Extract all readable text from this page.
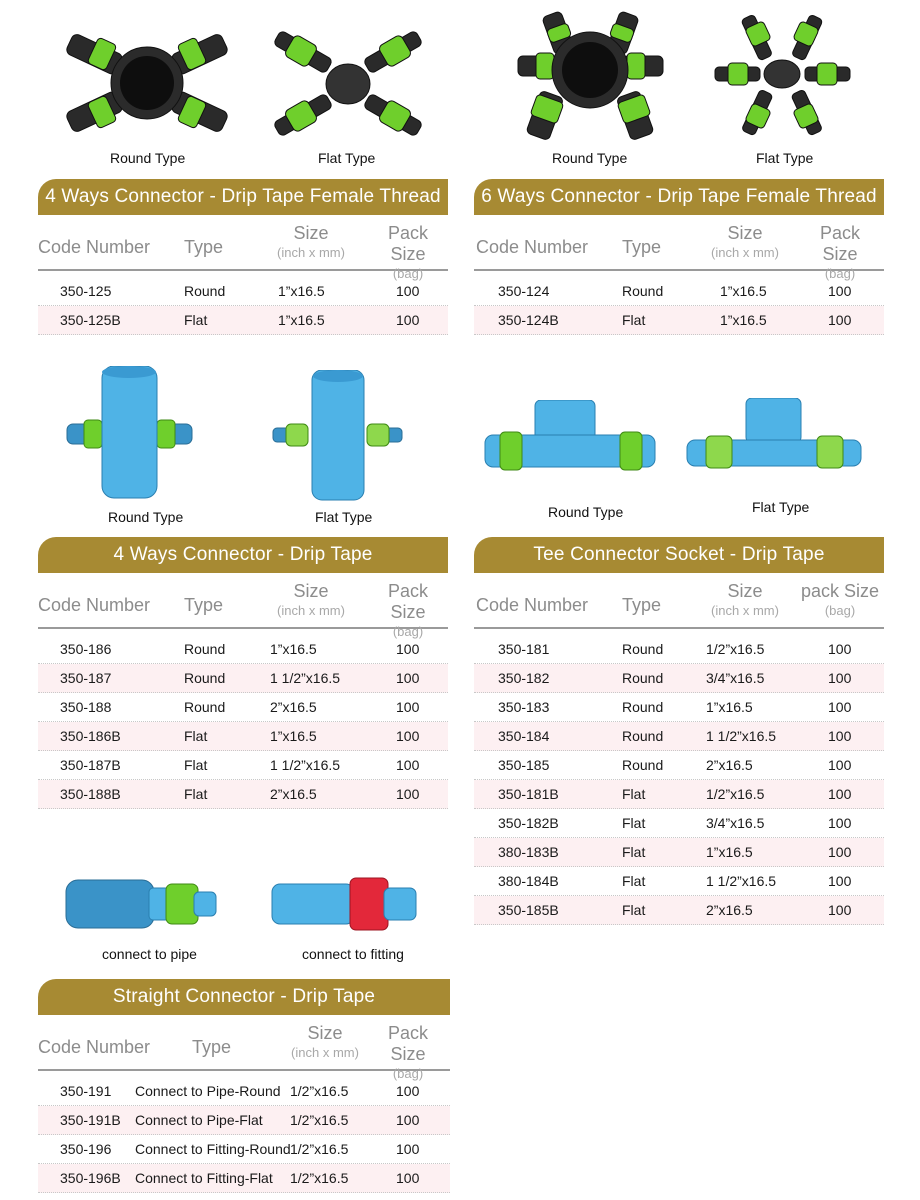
Round Type	Flat Type	Round Type	Flat Type
4 Ways Connector - Drip Tape Female Thread
Code Number Type
Size
(inch x mm)
Pack Size
(bag)
350-125	Round	1”x16.5	100
350-125B	Flat	1”x16.5	100
6 Ways Connector - Drip Tape Female Thread
Code Number Type
Size
(inch x mm)
Pack Size
(bag)
350-124	Round	1”x16.5	100
350-124B	Flat	1”x16.5	100
Round Type	Flat Type	Round Type	Flat Type
4 Ways Connector - Drip Tape
Code Number Type
Size
(inch x mm)
Pack Size
(bag)
350-186	Round	1”x16.5	100
350-187	Round	1 1/2”x16.5	100
350-188	Round	2”x16.5	100
350-186B	Flat	1”x16.5	100
350-187B	Flat	1 1/2”x16.5	100
350-188B	Flat	2”x16.5	100
Tee Connector Socket - Drip Tape
Code Number Type
Size
(inch x mm)
pack Size
(bag)
350-181	Round	1/2”x16.5	100
350-182	Round	3/4”x16.5	100
350-183	Round	1”x16.5	100
350-184	Round	1 1/2”x16.5	100
350-185	Round	2”x16.5	100
350-181B	Flat	1/2”x16.5	100
350-182B	Flat	3/4”x16.5	100
380-183B	Flat	1”x16.5	100
380-184B	Flat	1 1/2”x16.5	100
350-185B	Flat	2”x16.5	100
connect to pipe	connect to fitting
Straight Connector - Drip Tape
Code Number Type
Size
(inch x mm)
Pack Size
(bag)
350-191 Connect to Pipe-Round 1/2”x16.5	100
350-191B Connect to Pipe-Flat 1/2”x16.5	100
350-196 Connect to Fitting-Round 1/2”x16.5	100
350-196B Connect to Fitting-Flat 1/2”x16.5	100
